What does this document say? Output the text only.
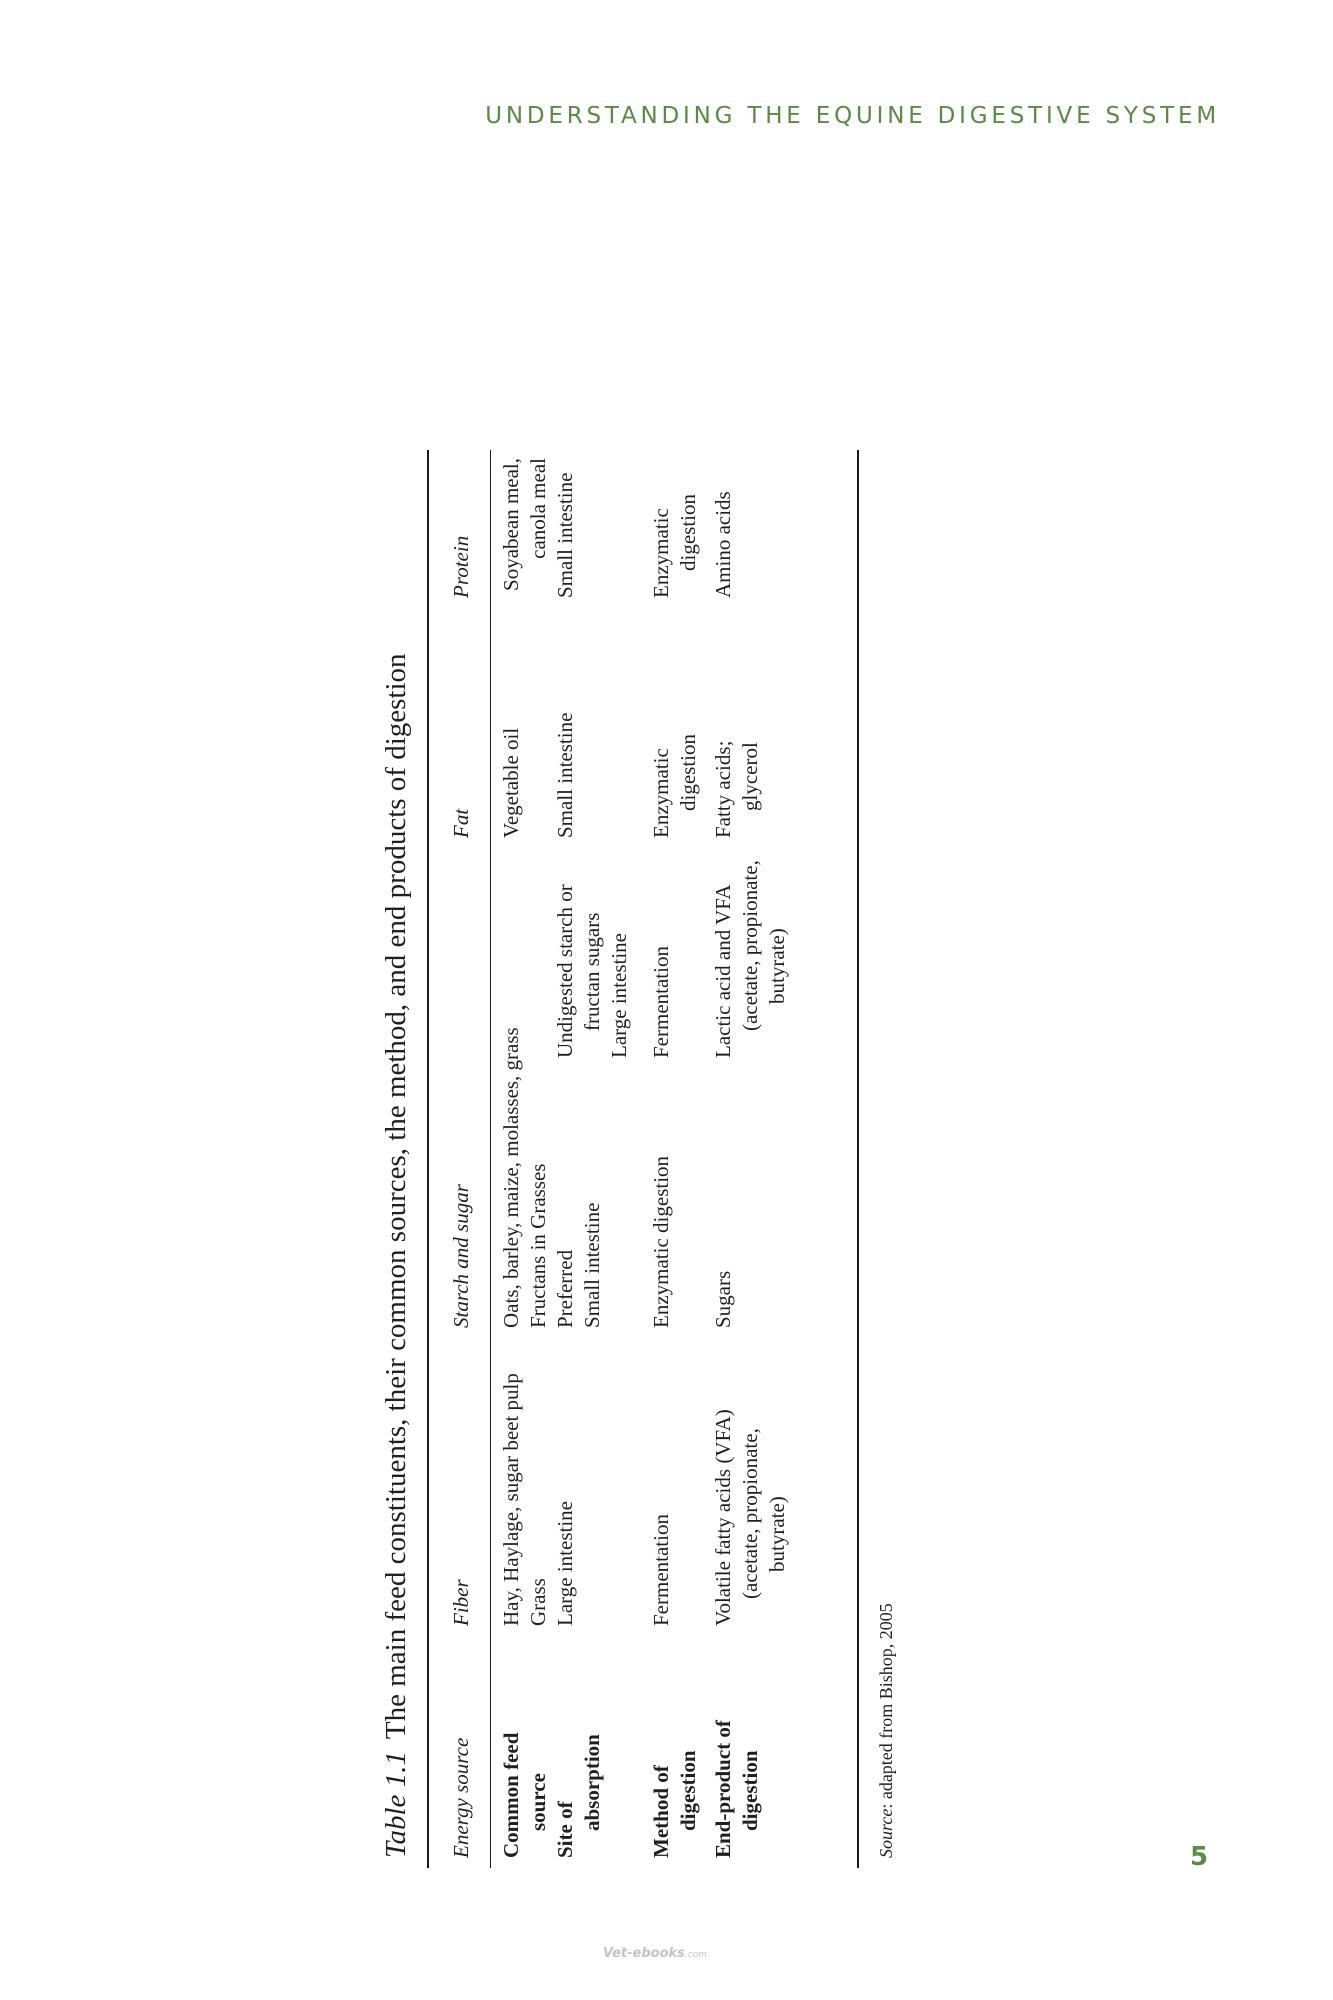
UNDERSTANDING THE EQUINE DIGESTIVE SYSTEM
Table 1.1The main feed constituents, their common sources, the method, and end products of digestion
Energy source
Fiber
Starch and sugar
Fat
Protein
Common feed source
Hay, Haylage, sugar beet pulp Grass
Oats, barley, maize, molasses, grass Fructans in Grasses
Vegetable oil
Soyabean meal, canola meal
Site of absorption
Large intestine
Preferred Small intestine
Undigested starch or fructan sugars Large intestine
Small intestine
Small intestine
Method of digestion
Fermentation
Enzymatic digestion
Fermentation
Enzymatic digestion
Enzymatic digestion
End-product of digestion
Volatile fatty acids (VFA) (acetate, propionate, butyrate)
Sugars
Lactic acid and VFA (acetate, propionate, butyrate)
Fatty acids; glycerol
Amino acids
Source: adapted from Bishop, 2005
5
Vet-ebooks.com
